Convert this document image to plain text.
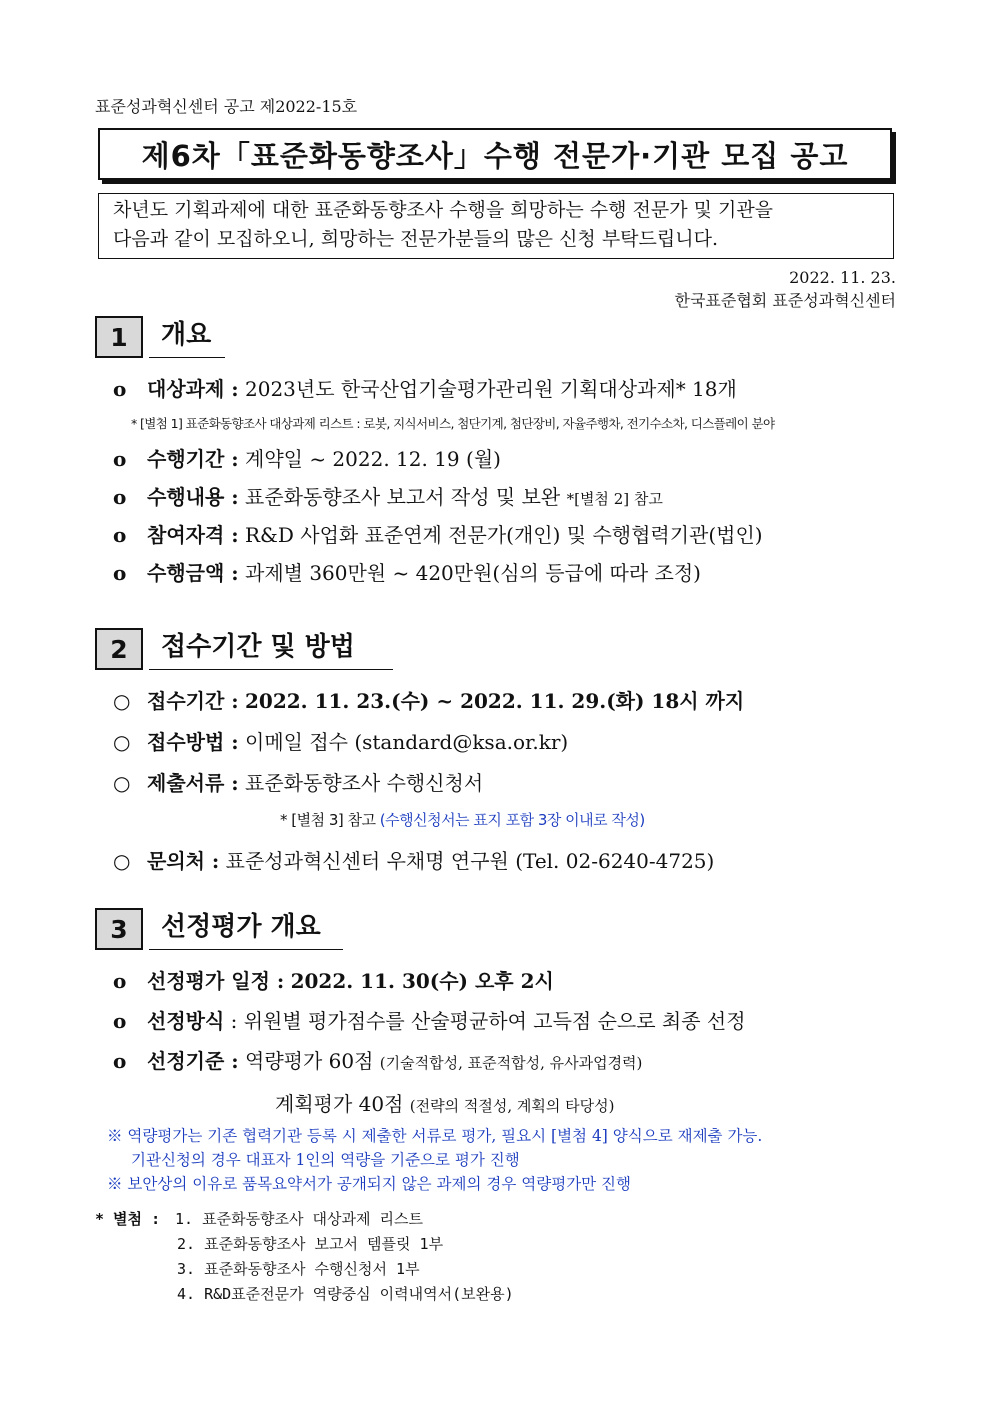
표준성과혁신센터 공고 제2022-15호
제6차「표준화동향조사」수행 전문가·기관 모집 공고
차년도 기획과제에 대한 표준화동향조사 수행을 희망하는 수행 전문가 및 기관을
다음과 같이 모집하오니, 희망하는 전문가분들의 많은 신청 부탁드립니다.
2022. 11. 23.
한국표준협회 표준성과혁신센터
1	개요
o 대상과제 : 2023년도 한국산업기술평가관리원 기획대상과제* 18개
* [별첨 1] 표준화동향조사 대상과제 리스트 : 로봇, 지식서비스, 첨단기계, 첨단장비, 자율주행차, 전기수소차, 디스플레이 분야
o 수행기간 : 계약일 ~ 2022. 12. 19 (월)
o 수행내용 : 표준화동향조사 보고서 작성 및 보완 *[별첨 2] 참고
o 참여자격 : R&D 사업화 표준연계 전문가(개인) 및 수행협력기관(법인)
o 수행금액 : 과제별 360만원 ~ 420만원(심의 등급에 따라 조정)
2	접수기간 및 방법
○ 접수기간 : 2022. 11. 23.(수) ~ 2022. 11. 29.(화) 18시 까지
○ 접수방법 : 이메일 접수 (standard@ksa.or.kr)
○ 제출서류 : 표준화동향조사 수행신청서
* [별첨 3] 참고 (수행신청서는 표지 포함 3장 이내로 작성)
○ 문의처 : 표준성과혁신센터 우채명 연구원 (Tel. 02-6240-4725)
3	선정평가 개요
o 선정평가 일정 : 2022. 11. 30(수) 오후 2시
o 선정방식 : 위원별 평가점수를 산술평균하여 고득점 순으로 최종 선정
o 선정기준 : 역량평가 60점 (기술적합성, 표준적합성, 유사과업경력)
계획평가 40점 (전략의 적절성, 계획의 타당성)
※ 역량평가는 기존 협력기관 등록 시 제출한 서류로 평가, 필요시 [별첨 4] 양식으로 재제출 가능.
기관신청의 경우 대표자 1인의 역량을 기준으로 평가 진행
※ 보안상의 이유로 품목요약서가 공개되지 않은 과제의 경우 역량평가만 진행
* 별첨 : 1. 표준화동향조사 대상과제 리스트
2. 표준화동향조사 보고서 템플릿 1부
3. 표준화동향조사 수행신청서 1부
4. R&D표준전문가 역량중심 이력내역서(보완용)
